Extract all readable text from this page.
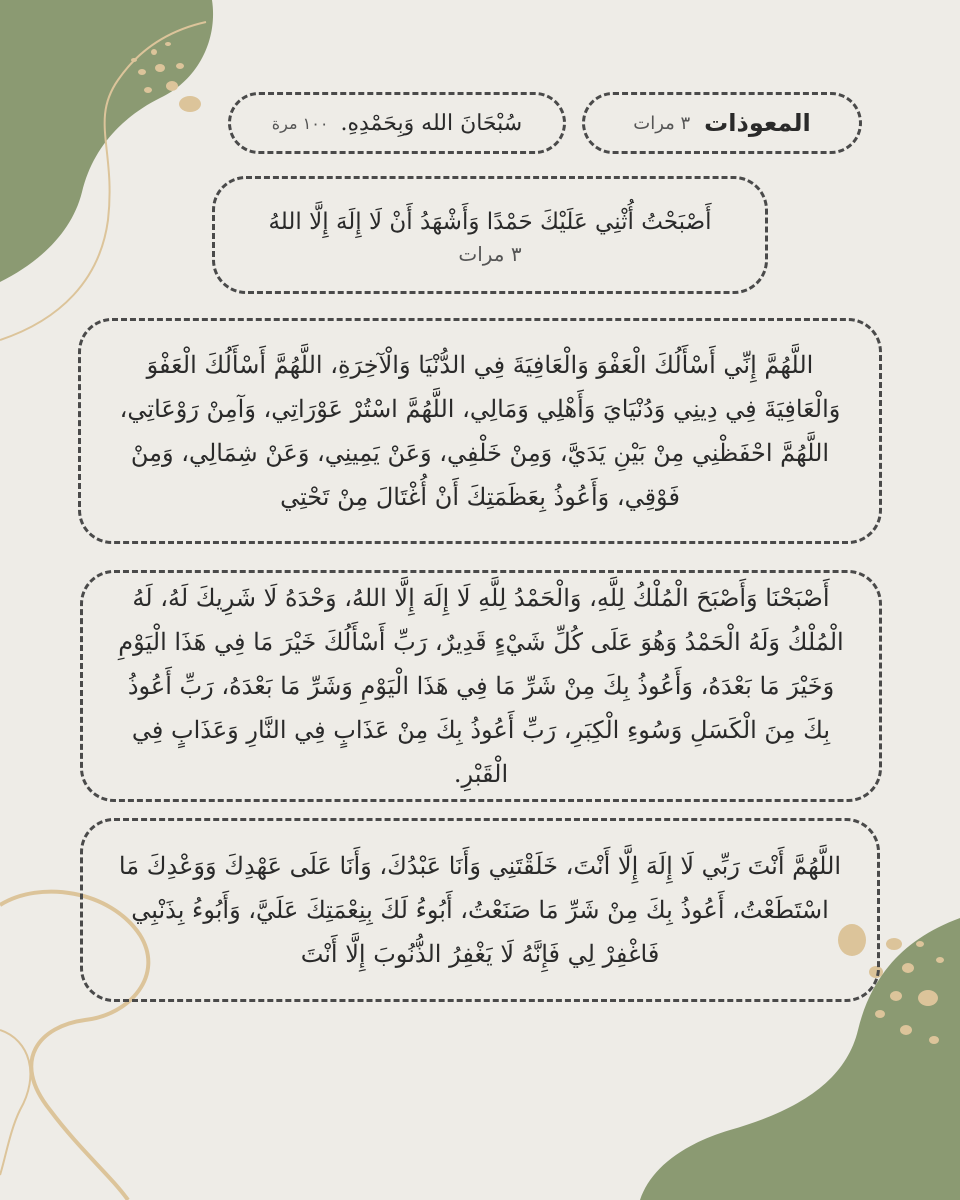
المعوذات
٣ مرات
سُبْحَانَ الله وَبِحَمْدِهِ.
١٠٠ مرة
أَصْبَحْتُ أُثْنِي عَلَيْكَ حَمْدًا وَأَشْهَدُ أَنْ لَا إِلَهَ إِلَّا اللهُ
٣ مرات
اللَّهُمَّ إِنِّي أَسْأَلُكَ الْعَفْوَ وَالْعَافِيَةَ فِي الدُّنْيَا وَالْآخِرَةِ، اللَّهُمَّ أَسْأَلُكَ الْعَفْوَ وَالْعَافِيَةَ فِي دِينِي وَدُنْيَايَ وَأَهْلِي وَمَالِي، اللَّهُمَّ اسْتُرْ عَوْرَاتِي، وَآمِنْ رَوْعَاتِي، اللَّهُمَّ احْفَظْنِي مِنْ بَيْنِ يَدَيَّ، وَمِنْ خَلْفِي، وَعَنْ يَمِينِي، وَعَنْ شِمَالِي، وَمِنْ فَوْقِي، وَأَعُوذُ بِعَظَمَتِكَ أَنْ أُغْتَالَ مِنْ تَحْتِي
أَصْبَحْنَا وَأَصْبَحَ الْمُلْكُ لِلَّهِ، وَالْحَمْدُ لِلَّهِ لَا إِلَهَ إِلَّا اللهُ، وَحْدَهُ لَا شَرِيكَ لَهُ، لَهُ الْمُلْكُ وَلَهُ الْحَمْدُ وَهُوَ عَلَى كُلِّ شَيْءٍ قَدِيرٌ، رَبِّ أَسْأَلُكَ خَيْرَ مَا فِي هَذَا الْيَوْمِ وَخَيْرَ مَا بَعْدَهُ، وَأَعُوذُ بِكَ مِنْ شَرِّ مَا فِي هَذَا الْيَوْمِ وَشَرِّ مَا بَعْدَهُ، رَبِّ أَعُوذُ بِكَ مِنَ الْكَسَلِ وَسُوءِ الْكِبَرِ، رَبِّ أَعُوذُ بِكَ مِنْ عَذَابٍ فِي النَّارِ وَعَذَابٍ فِي الْقَبْرِ.
اللَّهُمَّ أَنْتَ رَبِّي لَا إِلَهَ إِلَّا أَنْتَ، خَلَقْتَنِي وَأَنَا عَبْدُكَ، وَأَنَا عَلَى عَهْدِكَ وَوَعْدِكَ مَا اسْتَطَعْتُ، أَعُوذُ بِكَ مِنْ شَرِّ مَا صَنَعْتُ، أَبُوءُ لَكَ بِنِعْمَتِكَ عَلَيَّ، وَأَبُوءُ بِذَنْبِي فَاغْفِرْ لِي فَإِنَّهُ لَا يَغْفِرُ الذُّنُوبَ إِلَّا أَنْتَ
